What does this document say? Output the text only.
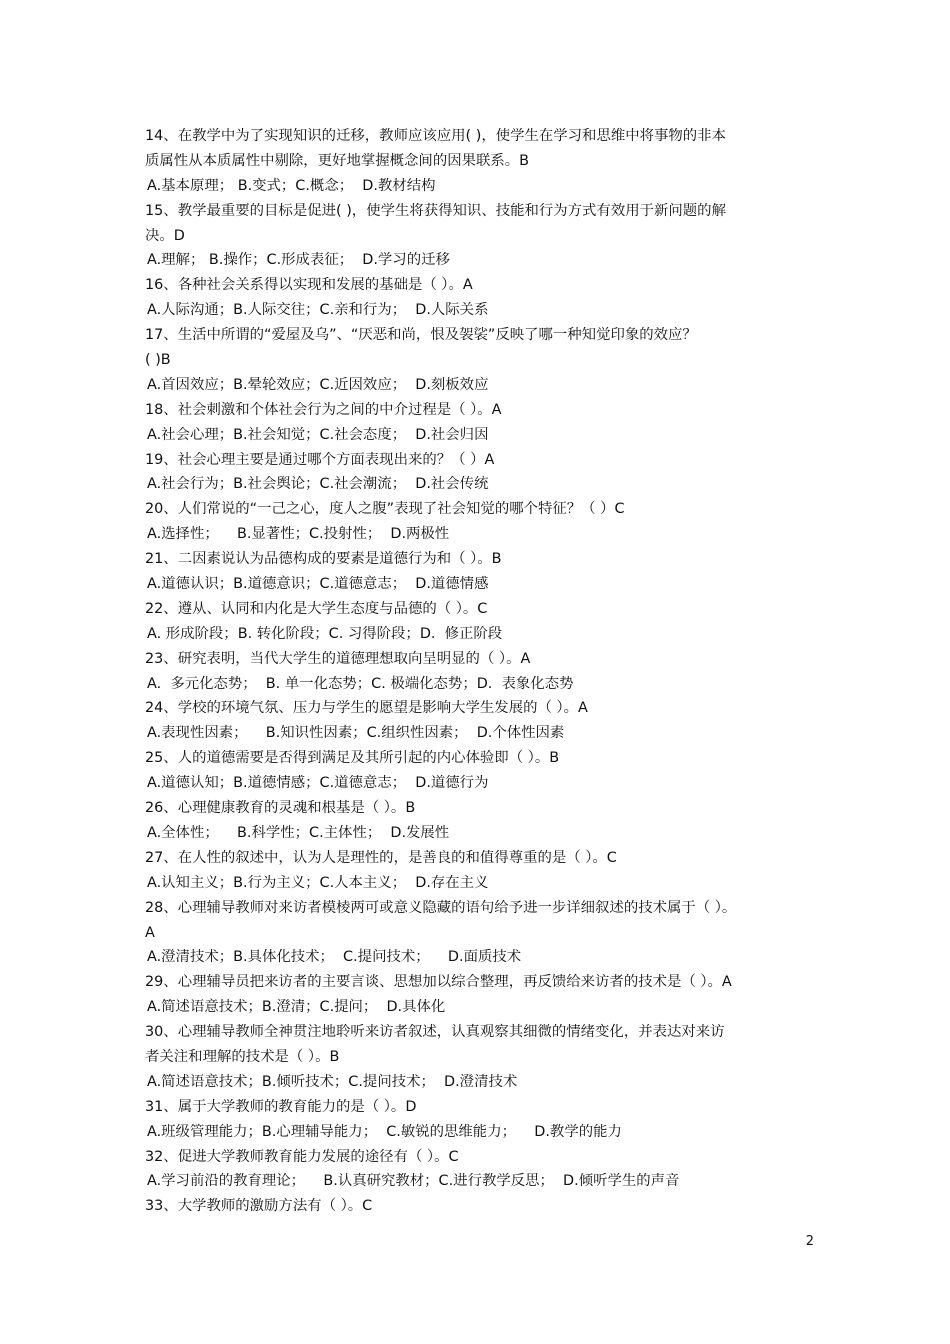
14、在教学中为了实现知识的迁移，教师应该应用( )，使学生在学习和思维中将事物的非本
质属性从本质属性中剔除，更好地掌握概念间的因果联系。B
A.基本原理； B.变式；C.概念；  D.教材结构
15、教学最重要的目标是促进( )，使学生将获得知识、技能和行为方式有效用于新问题的解
决。D
A.理解； B.操作；C.形成表征；  D.学习的迁移
16、各种社会关系得以实现和发展的基础是（ ）。A
A.人际沟通；B.人际交往；C.亲和行为；  D.人际关系
17、生活中所谓的“爱屋及乌”、“厌恶和尚，恨及袈裟”反映了哪一种知觉印象的效应？
( )B
A.首因效应；B.晕轮效应；C.近因效应；  D.刻板效应
18、社会刺激和个体社会行为之间的中介过程是（ ）。A
A.社会心理；B.社会知觉；C.社会态度；  D.社会归因
19、社会心理主要是通过哪个方面表现出来的？（ ）A
A.社会行为；B.社会舆论；C.社会潮流；  D.社会传统
20、人们常说的“一己之心，度人之腹”表现了社会知觉的哪个特征？（ ）C
A.选择性；    B.显著性；C.投射性；  D.两极性
21、二因素说认为品德构成的要素是道德行为和（ ）。B
A.道德认识；B.道德意识；C.道德意志；  D.道德情感
22、遵从、认同和内化是大学生态度与品德的（ ）。C
A. 形成阶段；B. 转化阶段；C. 习得阶段；D.  修正阶段
23、研究表明，当代大学生的道德理想取向呈明显的（ ）。A
A.  多元化态势；  B. 单一化态势；C. 极端化态势；D.  表象化态势
24、学校的环境气氛、压力与学生的愿望是影响大学生发展的（ ）。A
A.表现性因素；    B.知识性因素；C.组织性因素；  D.个体性因素
25、人的道德需要是否得到满足及其所引起的内心体验即（ ）。B
A.道德认知；B.道德情感；C.道德意志；  D.道德行为
26、心理健康教育的灵魂和根基是（ ）。B
A.全体性；    B.科学性；C.主体性；  D.发展性
27、在人性的叙述中，认为人是理性的，是善良的和值得尊重的是（ ）。C
A.认知主义；B.行为主义；C.人本主义；  D.存在主义
28、心理辅导教师对来访者模棱两可或意义隐藏的语句给予进一步详细叙述的技术属于（ ）。
A
A.澄清技术；B.具体化技术；  C.提问技术；    D.面质技术
29、心理辅导员把来访者的主要言谈、思想加以综合整理，再反馈给来访者的技术是（ ）。A
A.简述语意技术；B.澄清；C.提问；  D.具体化
30、心理辅导教师全神贯注地聆听来访者叙述，认真观察其细微的情绪变化，并表达对来访
者关注和理解的技术是（ ）。B
A.简述语意技术；B.倾听技术；C.提问技术；  D.澄清技术
31、属于大学教师的教育能力的是（ ）。D
A.班级管理能力；B.心理辅导能力；  C.敏锐的思维能力；    D.教学的能力
32、促进大学教师教育能力发展的途径有（ ）。C
A.学习前沿的教育理论；    B.认真研究教材；C.进行教学反思；  D.倾听学生的声音
33、大学教师的激励方法有（ ）。C
2
